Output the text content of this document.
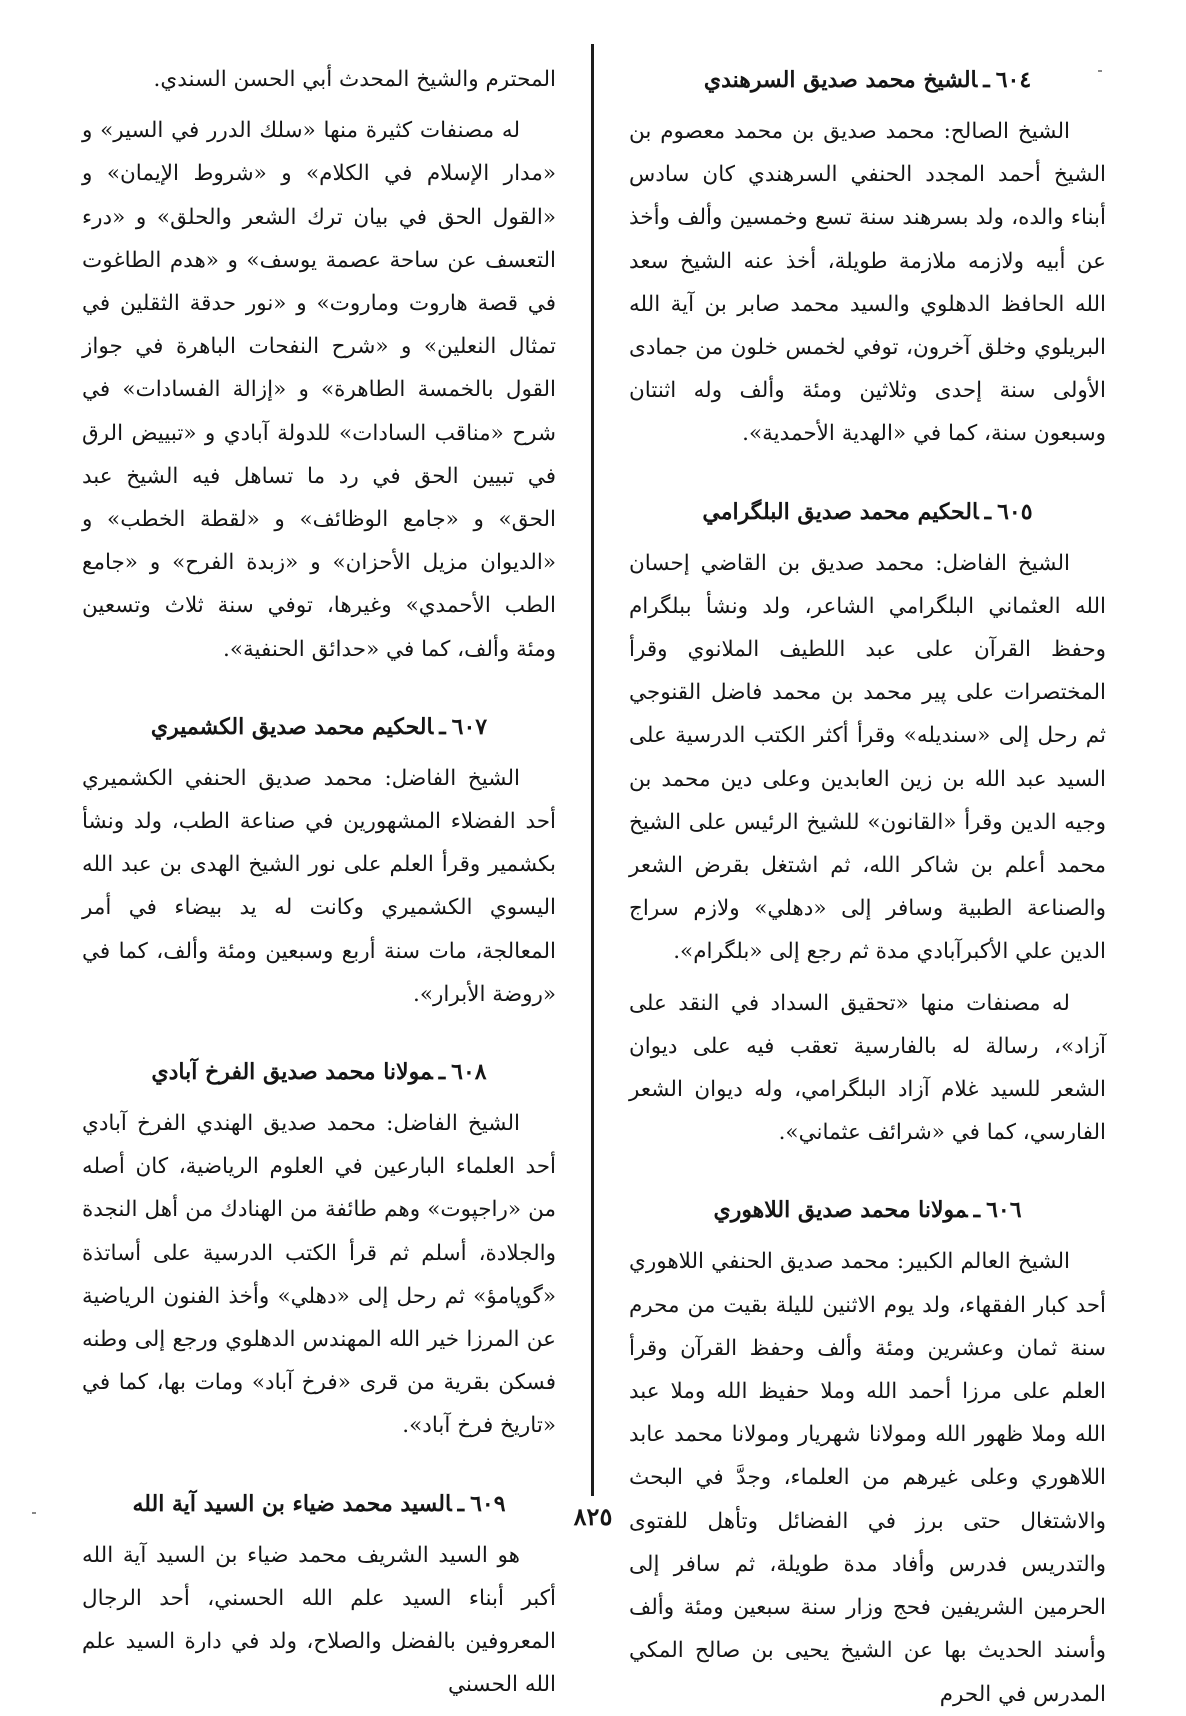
٦٠٤ـالشيخ محمد صديق السرهندي

الشيخ الصالح: محمد صديق بن محمد معصوم بن الشيخ أحمد المجدد الحنفي السرهندي كان سادس أبناء والده، ولد بسرهند سنة تسع وخمسين وألف وأخذ عن أبيه ولازمه ملازمة طويلة، أخذ عنه الشيخ سعد الله الحافظ الدهلوي والسيد محمد صابر بن آية الله البريلوي وخلق آخرون، توفي لخمس خلون من جمادى الأولى سنة إحدى وثلاثين ومئة وألف وله اثنتان وسبعون سنة، كما في «الهدية الأحمدية».

٦٠٥ـالحكيم محمد صديق البلگرامي

الشيخ الفاضل: محمد صديق بن القاضي إحسان الله العثماني البلگرامي الشاعر، ولد ونشأ ببلگرام وحفظ القرآن على عبد اللطيف الملانوي وقرأ المختصرات على پير محمد بن محمد فاضل القنوجي ثم رحل إلى «سنديله» وقرأ أكثر الكتب الدرسية على السيد عبد الله بن زين العابدين وعلى دين محمد بن وجيه الدين وقرأ «القانون» للشيخ الرئيس على الشيخ محمد أعلم بن شاكر الله، ثم اشتغل بقرض الشعر والصناعة الطبية وسافر إلى «دهلي» ولازم سراج الدين علي الأكبرآبادي مدة ثم رجع إلى «بلگرام».

له مصنفات منها «تحقيق السداد في النقد على آزاد»، رسالة له بالفارسية تعقب فيه على ديوان الشعر للسيد غلام آزاد البلگرامي، وله ديوان الشعر الفارسي، كما في «شرائف عثماني».

٦٠٦ـمولانا محمد صديق اللاهوري

الشيخ العالم الكبير: محمد صديق الحنفي اللاهوري أحد كبار الفقهاء، ولد يوم الاثنين لليلة بقيت من محرم سنة ثمان وعشرين ومئة وألف وحفظ القرآن وقرأ العلم على مرزا أحمد الله وملا حفيظ الله وملا عبد الله وملا ظهور الله ومولانا شهريار ومولانا محمد عابد اللاهوري وعلى غيرهم من العلماء، وجدَّ في البحث والاشتغال حتى برز في الفضائل وتأهل للفتوى والتدريس فدرس وأفاد مدة طويلة، ثم سافر إلى الحرمين الشريفين فحج وزار سنة سبعين ومئة وألف وأسند الحديث بها عن الشيخ يحيى بن صالح المكي المدرس في الحرم

المحترم والشيخ المحدث أبي الحسن السندي.

له مصنفات كثيرة منها «سلك الدرر في السير» و «مدار الإسلام في الكلام» و «شروط الإيمان» و «القول الحق في بيان ترك الشعر والحلق» و «درء التعسف عن ساحة عصمة يوسف» و «هدم الطاغوت في قصة هاروت وماروت» و «نور حدقة الثقلين في تمثال النعلين» و «شرح النفحات الباهرة في جواز القول بالخمسة الطاهرة» و «إزالة الفسادات» في شرح «مناقب السادات» للدولة آبادي و «تبييض الرق في تبيين الحق في رد ما تساهل فيه الشيخ عبد الحق» و «جامع الوظائف» و «لقطة الخطب» و «الديوان مزيل الأحزان» و «زبدة الفرح» و «جامع الطب الأحمدي» وغيرها، توفي سنة ثلاث وتسعين ومئة وألف، كما في «حدائق الحنفية».

٦٠٧ـالحكيم محمد صديق الكشميري

الشيخ الفاضل: محمد صديق الحنفي الكشميري أحد الفضلاء المشهورين في صناعة الطب، ولد ونشأ بكشمير وقرأ العلم على نور الشيخ الهدى بن عبد الله اليسوي الكشميري وكانت له يد بيضاء في أمر المعالجة، مات سنة أربع وسبعين ومئة وألف، كما في «روضة الأبرار».

٦٠٨ـمولانا محمد صديق الفرخ آبادي

الشيخ الفاضل: محمد صديق الهندي الفرخ آبادي أحد العلماء البارعين في العلوم الرياضية، كان أصله من «راجپوت» وهم طائفة من الهنادك من أهل النجدة والجلادة، أسلم ثم قرأ الكتب الدرسية على أساتذة «گوپامؤ» ثم رحل إلى «دهلي» وأخذ الفنون الرياضية عن المرزا خير الله المهندس الدهلوي ورجع إلى وطنه فسكن بقرية من قرى «فرخ آباد» ومات بها، كما في «تاريخ فرخ آباد».

٦٠٩ـالسيد محمد ضياء بن السيد آية الله

هو السيد الشريف محمد ضياء بن السيد آية الله أكبر أبناء السيد علم الله الحسني، أحد الرجال المعروفين بالفضل والصلاح، ولد في دارة السيد علم الله الحسني

٨٢٥
